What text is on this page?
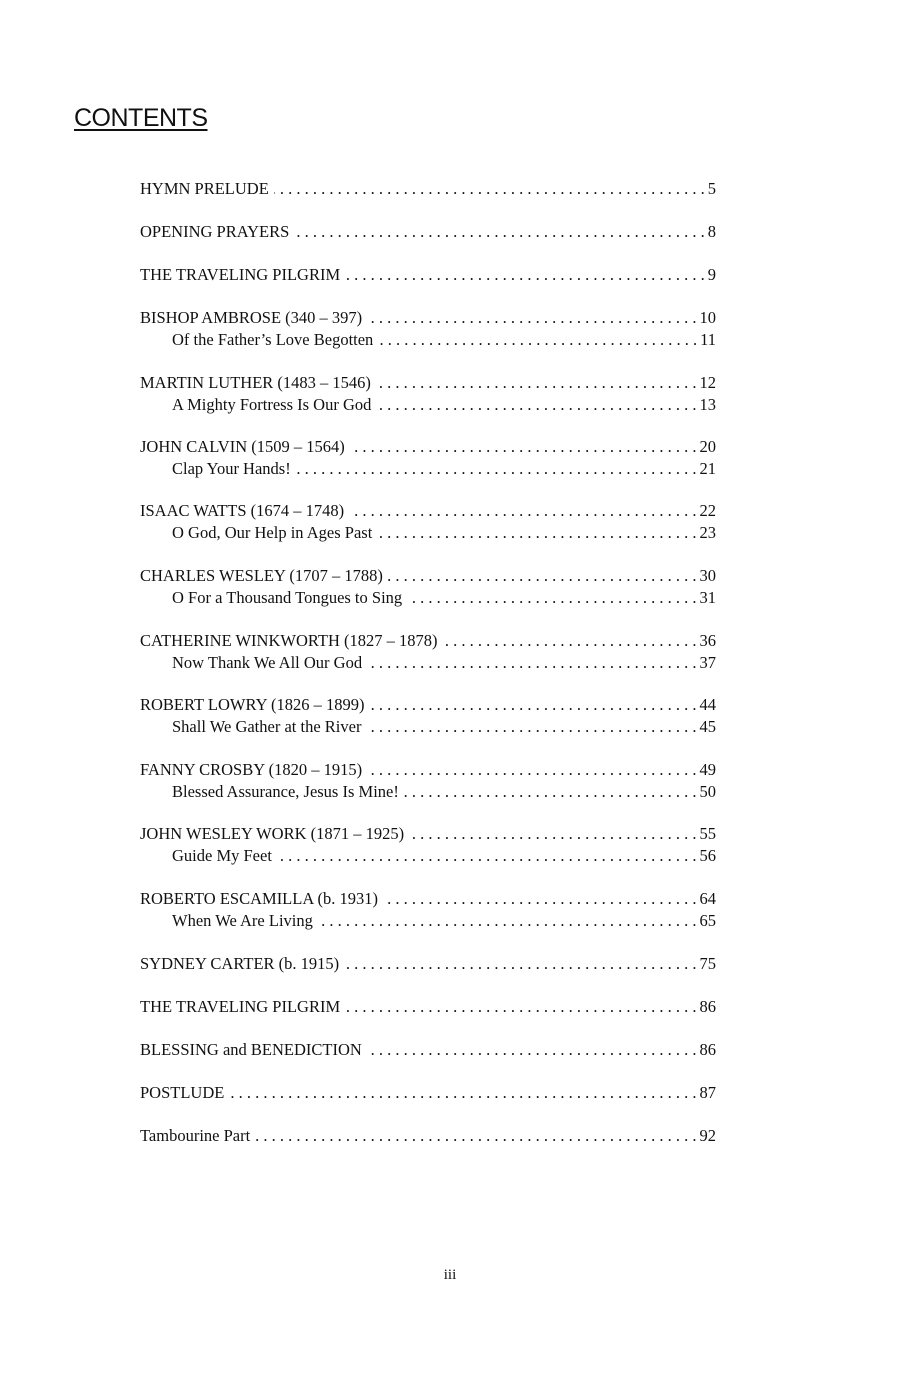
CONTENTS
HYMN PRELUDE . . .	5
OPENING PRAYERS . . .	8
THE TRAVELING PILGRIM . . .	9
BISHOP AMBROSE (340 – 397) . . .	10
Of the Father’s Love Begotten . . .	11
MARTIN LUTHER (1483 – 1546) . . .	12
A Mighty Fortress Is Our God . . .	13
JOHN CALVIN (1509 – 1564) . . .	20
Clap Your Hands! . . .	21
ISAAC WATTS (1674 – 1748) . . .	22
O God, Our Help in Ages Past . . .	23
CHARLES WESLEY (1707 – 1788) . . .	30
O For a Thousand Tongues to Sing . . .	31
CATHERINE WINKWORTH (1827 – 1878) . . .	36
Now Thank We All Our God . . .	37
ROBERT LOWRY (1826 – 1899) . . .	44
Shall We Gather at the River . . .	45
FANNY CROSBY (1820 – 1915) . . .	49
Blessed Assurance, Jesus Is Mine! . . .	50
JOHN WESLEY WORK (1871 – 1925) . . .	55
Guide My Feet . . .	56
ROBERTO ESCAMILLA (b. 1931) . . .	64
When We Are Living . . .	65
SYDNEY CARTER (b. 1915) . . .	75
THE TRAVELING PILGRIM . . .	86
BLESSING and BENEDICTION . . .	86
POSTLUDE . . .	87
Tambourine Part . . .	92
iii
